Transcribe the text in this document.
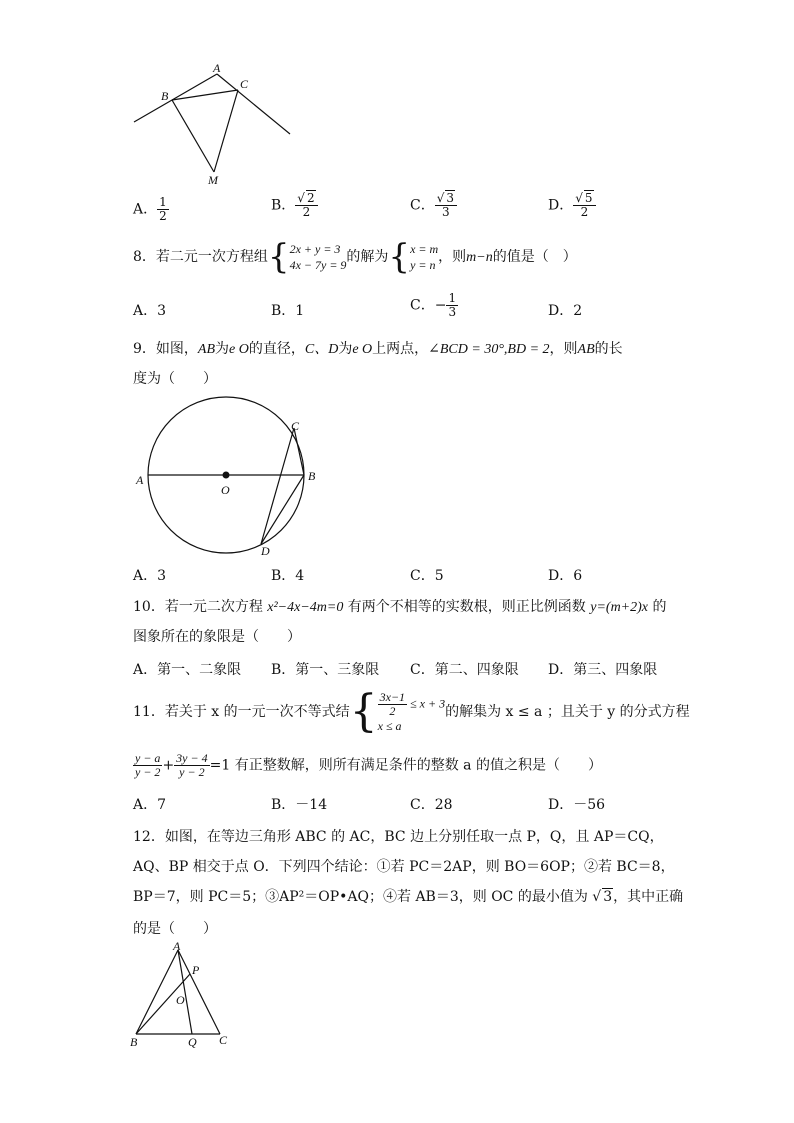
A
B
C
M
A． $\frac{1}{2}$	B． $\frac{√ 2}{2}$	C． $\frac{√ 3}{3}$	D． $\frac{√ 5}{2}$
8．若二元一次方程组 { 2x + y = 3
4x − 7y = 9 的解为 { x = m
y = n ，则m−n的值是（　）
A．3	B．1	C．− $\frac{1}{3}$	D．2
9．如图，AB为e O的直径，C、D为e O上两点，∠BCD = 30°,BD = 2，则AB的长
度为（　　）
A	B
C
D
O
A．3	B．4	C．5	D．6
10．若一元二次方程 x²−4x−4m=0 有两个不相等的实数根，则正比例函数 y=(m+2)x 的
图象所在的象限是（　　）
A．第一、二象限 B．第一、三象限 C．第二、四象限 D．第三、四象限
11．若关于 x 的一元一次不等式结 { $\frac{3x-1}{2} \le x + 3$
x ≤ a
的解集为 x ≤ a ；且关于 y 的分式方程
$\frac{y - a}{y - 2} + \frac{3y - 4}{y - 2} =1$ 有正整数解，则所有满足条件的整数 a 的值之积是（　　）
A．7	B．－14	C．28	D．－56
12．如图，在等边三角形 ABC 的 AC，BC 边上分别任取一点 P，Q，且 AP＝CQ，
AQ、BP 相交于点 O．下列四个结论：①若 PC＝2AP，则 BO＝6OP；②若 BC＝8，
BP＝7，则 PC＝5；③AP²＝OP•AQ；④若 AB＝3，则 OC 的最小值为 √ 3，其中正确
的是（　　）
A
B	C
P
Q
O
